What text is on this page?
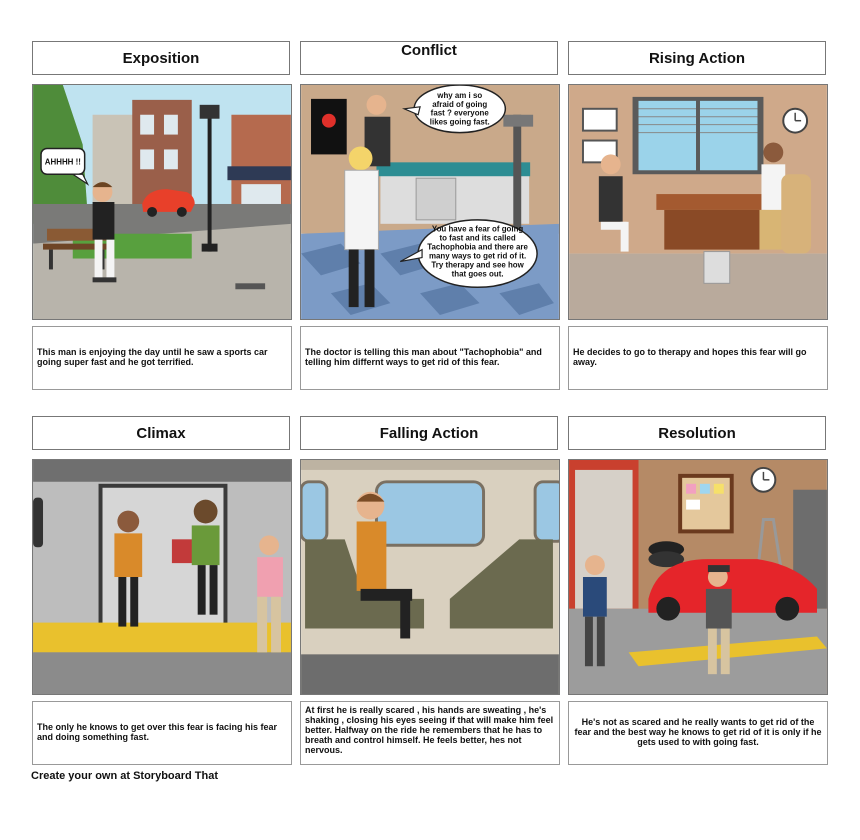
Exposition
AHHHH !!
This man is enjoying the day until he saw a sports car going super fast and he got terrified.
Conflict
why am i so
afraid of going
fast ? everyone
likes going fast.
You have a fear of going
to fast and its called
Tachophobia and there are
many ways to get rid of it.
Try therapy and see how
that goes out.
The doctor is telling this man about "Tachophobia" and telling him differnt ways to get rid of this fear.
Rising Action
He decides to go to therapy and hopes this fear will go away.
Climax
The only he knows to get over this fear is facing his fear and doing something fast.
Falling Action
At first he is really scared , his hands are sweating , he's shaking , closing his eyes seeing if that will make him feel better. Halfway on the ride he remembers that he has to breath and control himself. He feels better, hes not nervous.
Resolution
He's not as scared and he really wants to get rid of the fear and the best way he knows to get rid of it is only if he gets used to with going fast.
Create your own at Storyboard That
